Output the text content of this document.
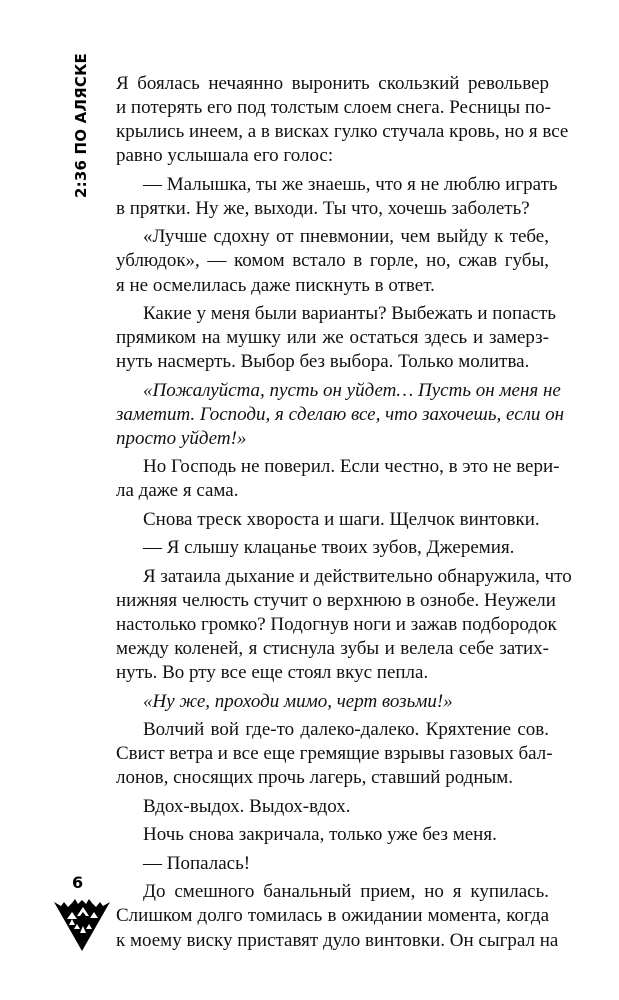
2:36 ПО АЛЯСКЕ Я боялась нечаянно выронить скользкий револьвер
и потерять его под толстым слоем снега. Ресницы по-
крылись инеем, а в висках гулко стучала кровь, но я все
равно услышала его голос:
— Малышка, ты же знаешь, что я не люблю играть
в прятки. Ну же, выходи. Ты что, хочешь заболеть?
«Лучше сдохну от пневмонии, чем выйду к тебе,
ублюдок», — комом встало в горле, но, сжав губы,
я не осмелилась даже пискнуть в ответ.
Какие у меня были варианты? Выбежать и попасть
прямиком на мушку или же остаться здесь и замерз-
нуть насмерть. Выбор без выбора. Только молитва.
«Пожалуйста, пусть он уйдет… Пусть он меня не
заметит. Господи, я сделаю все, что захочешь, если он
просто уйдет!»
Но Господь не поверил. Если честно, в это не вери-
ла даже я сама.
Снова треск хвороста и шаги. Щелчок винтовки.
— Я слышу клацанье твоих зубов, Джеремия.
Я затаила дыхание и действительно обнаружила, что
нижняя челюсть стучит о верхнюю в ознобе. Неужели
настолько громко? Подогнув ноги и зажав подбородок
между коленей, я стиснула зубы и велела себе затих-
нуть. Во рту все еще стоял вкус пепла.
«Ну же, проходи мимо, черт возьми!»
Волчий вой где-то далеко-далеко. Кряхтение сов.
Свист ветра и все еще гремящие взрывы газовых бал-
лонов, сносящих прочь лагерь, ставший родным.
Вдох-выдох. Выдох-вдох.
Ночь снова закричала, только уже без меня.
— Попалась!
До смешного банальный прием, но я купилась.
Слишком долго томилась в ожидании момента, когда
к моему виску приставят дуло винтовки. Он сыграл на
6
